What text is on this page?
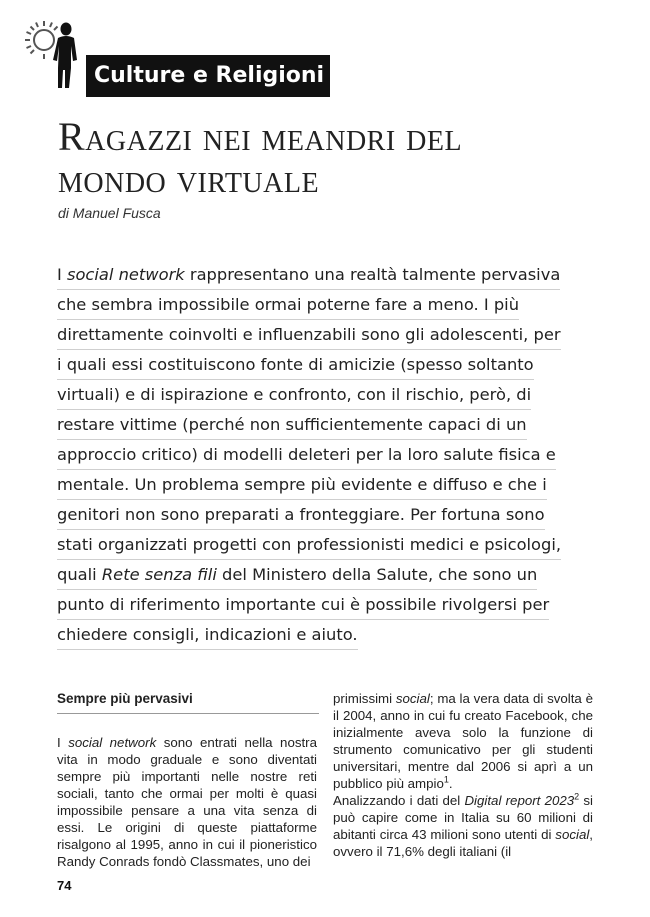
Culture e Religioni
Ragazzi nei meandri del
mondo virtuale
di Manuel Fusca
I social network rappresentano una realtà talmente pervasiva
che sembra impossibile ormai poterne fare a meno. I più
direttamente coinvolti e influenzabili sono gli adolescenti, per
i quali essi costituiscono fonte di amicizie (spesso soltanto
virtuali) e di ispirazione e confronto, con il rischio, però, di
restare vittime (perché non sufficientemente capaci di un
approccio critico) di modelli deleteri per la loro salute fisica e
mentale. Un problema sempre più evidente e diffuso e che i
genitori non sono preparati a fronteggiare. Per fortuna sono
stati organizzati progetti con professionisti medici e psicologi,
quali Rete senza fili del Ministero della Salute, che sono un
punto di riferimento importante cui è possibile rivolgersi per
chiedere consigli, indicazioni e aiuto.
Sempre più pervasivi

I social network sono entrati nella nostra vita in modo graduale e sono diventati sempre più importanti nelle nostre reti sociali, tanto che ormai per molti è quasi impossibile pensare a una vita senza di essi. Le origini di queste piattaforme risalgono al 1995, anno in cui il pioneristico Randy Conrads fondò Classmates, uno dei

primissimi social; ma la vera data di svolta è il 2004, anno in cui fu creato Facebook, che inizialmente aveva solo la funzione di strumento comunicativo per gli studenti universitari, mentre dal 2006 si aprì a un pubblico più ampio$^1$.

Analizzando i dati del Digital report 2023$^2$ si può capire come in Italia su 60 milioni di abitanti circa 43 milioni sono utenti di social, ovvero il 71,6% degli italiani (il

74
